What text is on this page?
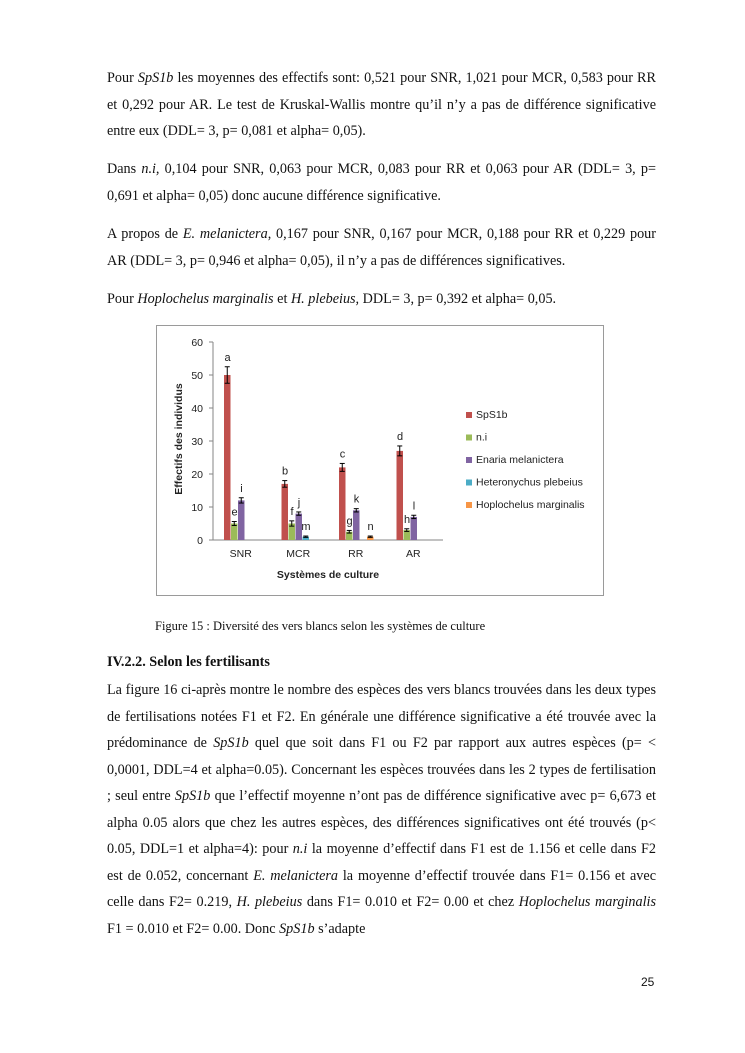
Pour SpS1b les moyennes des effectifs sont: 0,521 pour SNR, 1,021 pour MCR, 0,583 pour RR et 0,292 pour AR. Le test de Kruskal-Wallis montre qu’il n’y a pas de différence significative entre eux (DDL= 3, p= 0,081 et alpha= 0,05).

Dans n.i, 0,104 pour SNR, 0,063 pour MCR, 0,083 pour RR et 0,063 pour AR (DDL= 3, p= 0,691 et alpha= 0,05) donc aucune différence significative.

A propos de E. melanictera, 0,167 pour SNR, 0,167 pour MCR, 0,188 pour RR et 0,229 pour AR (DDL= 3, p= 0,946 et alpha= 0,05), il n’y a pas de différences significatives.

Pour Hoplochelus marginalis et H. plebeius, DDL= 3, p= 0,392 et alpha= 0,05.

0
10
20
30
40
50
60
a
e
i
SNR
b
f
j
m
MCR
c
g
k
n
RR
d
h
l
AR
Systèmes de culture
Effectifs des individus	SpS1b
n.i
Enaria melanictera
Heteronychus plebeius
Hoplochelus marginalis

Figure 15 : Diversité des vers blancs selon les systèmes de culture

IV.2.2. Selon les fertilisants

La figure 16 ci-après montre le nombre des espèces des vers blancs trouvées dans les deux types de fertilisations notées F1 et F2. En générale une différence significative a été trouvée avec la prédominance de SpS1b quel que soit dans F1 ou F2 par rapport aux autres espèces (p= < 0,0001, DDL=4 et alpha=0.05). Concernant les espèces trouvées dans les 2 types de fertilisation ; seul entre SpS1b que l’effectif moyenne n’ont pas de différence significative avec p= 6,673 et alpha 0.05 alors que chez les autres espèces, des différences significatives ont été trouvés (p< 0.05, DDL=1 et alpha=4): pour n.i la moyenne d’effectif dans F1 est de 1.156 et celle dans F2 est de 0.052, concernant E. melanictera la moyenne d’effectif trouvée dans F1= 0.156 et avec celle dans F2= 0.219, H. plebeius dans F1= 0.010 et F2= 0.00 et chez Hoplochelus marginalis F1 = 0.010 et F2= 0.00. Donc SpS1b s’adapte

25
